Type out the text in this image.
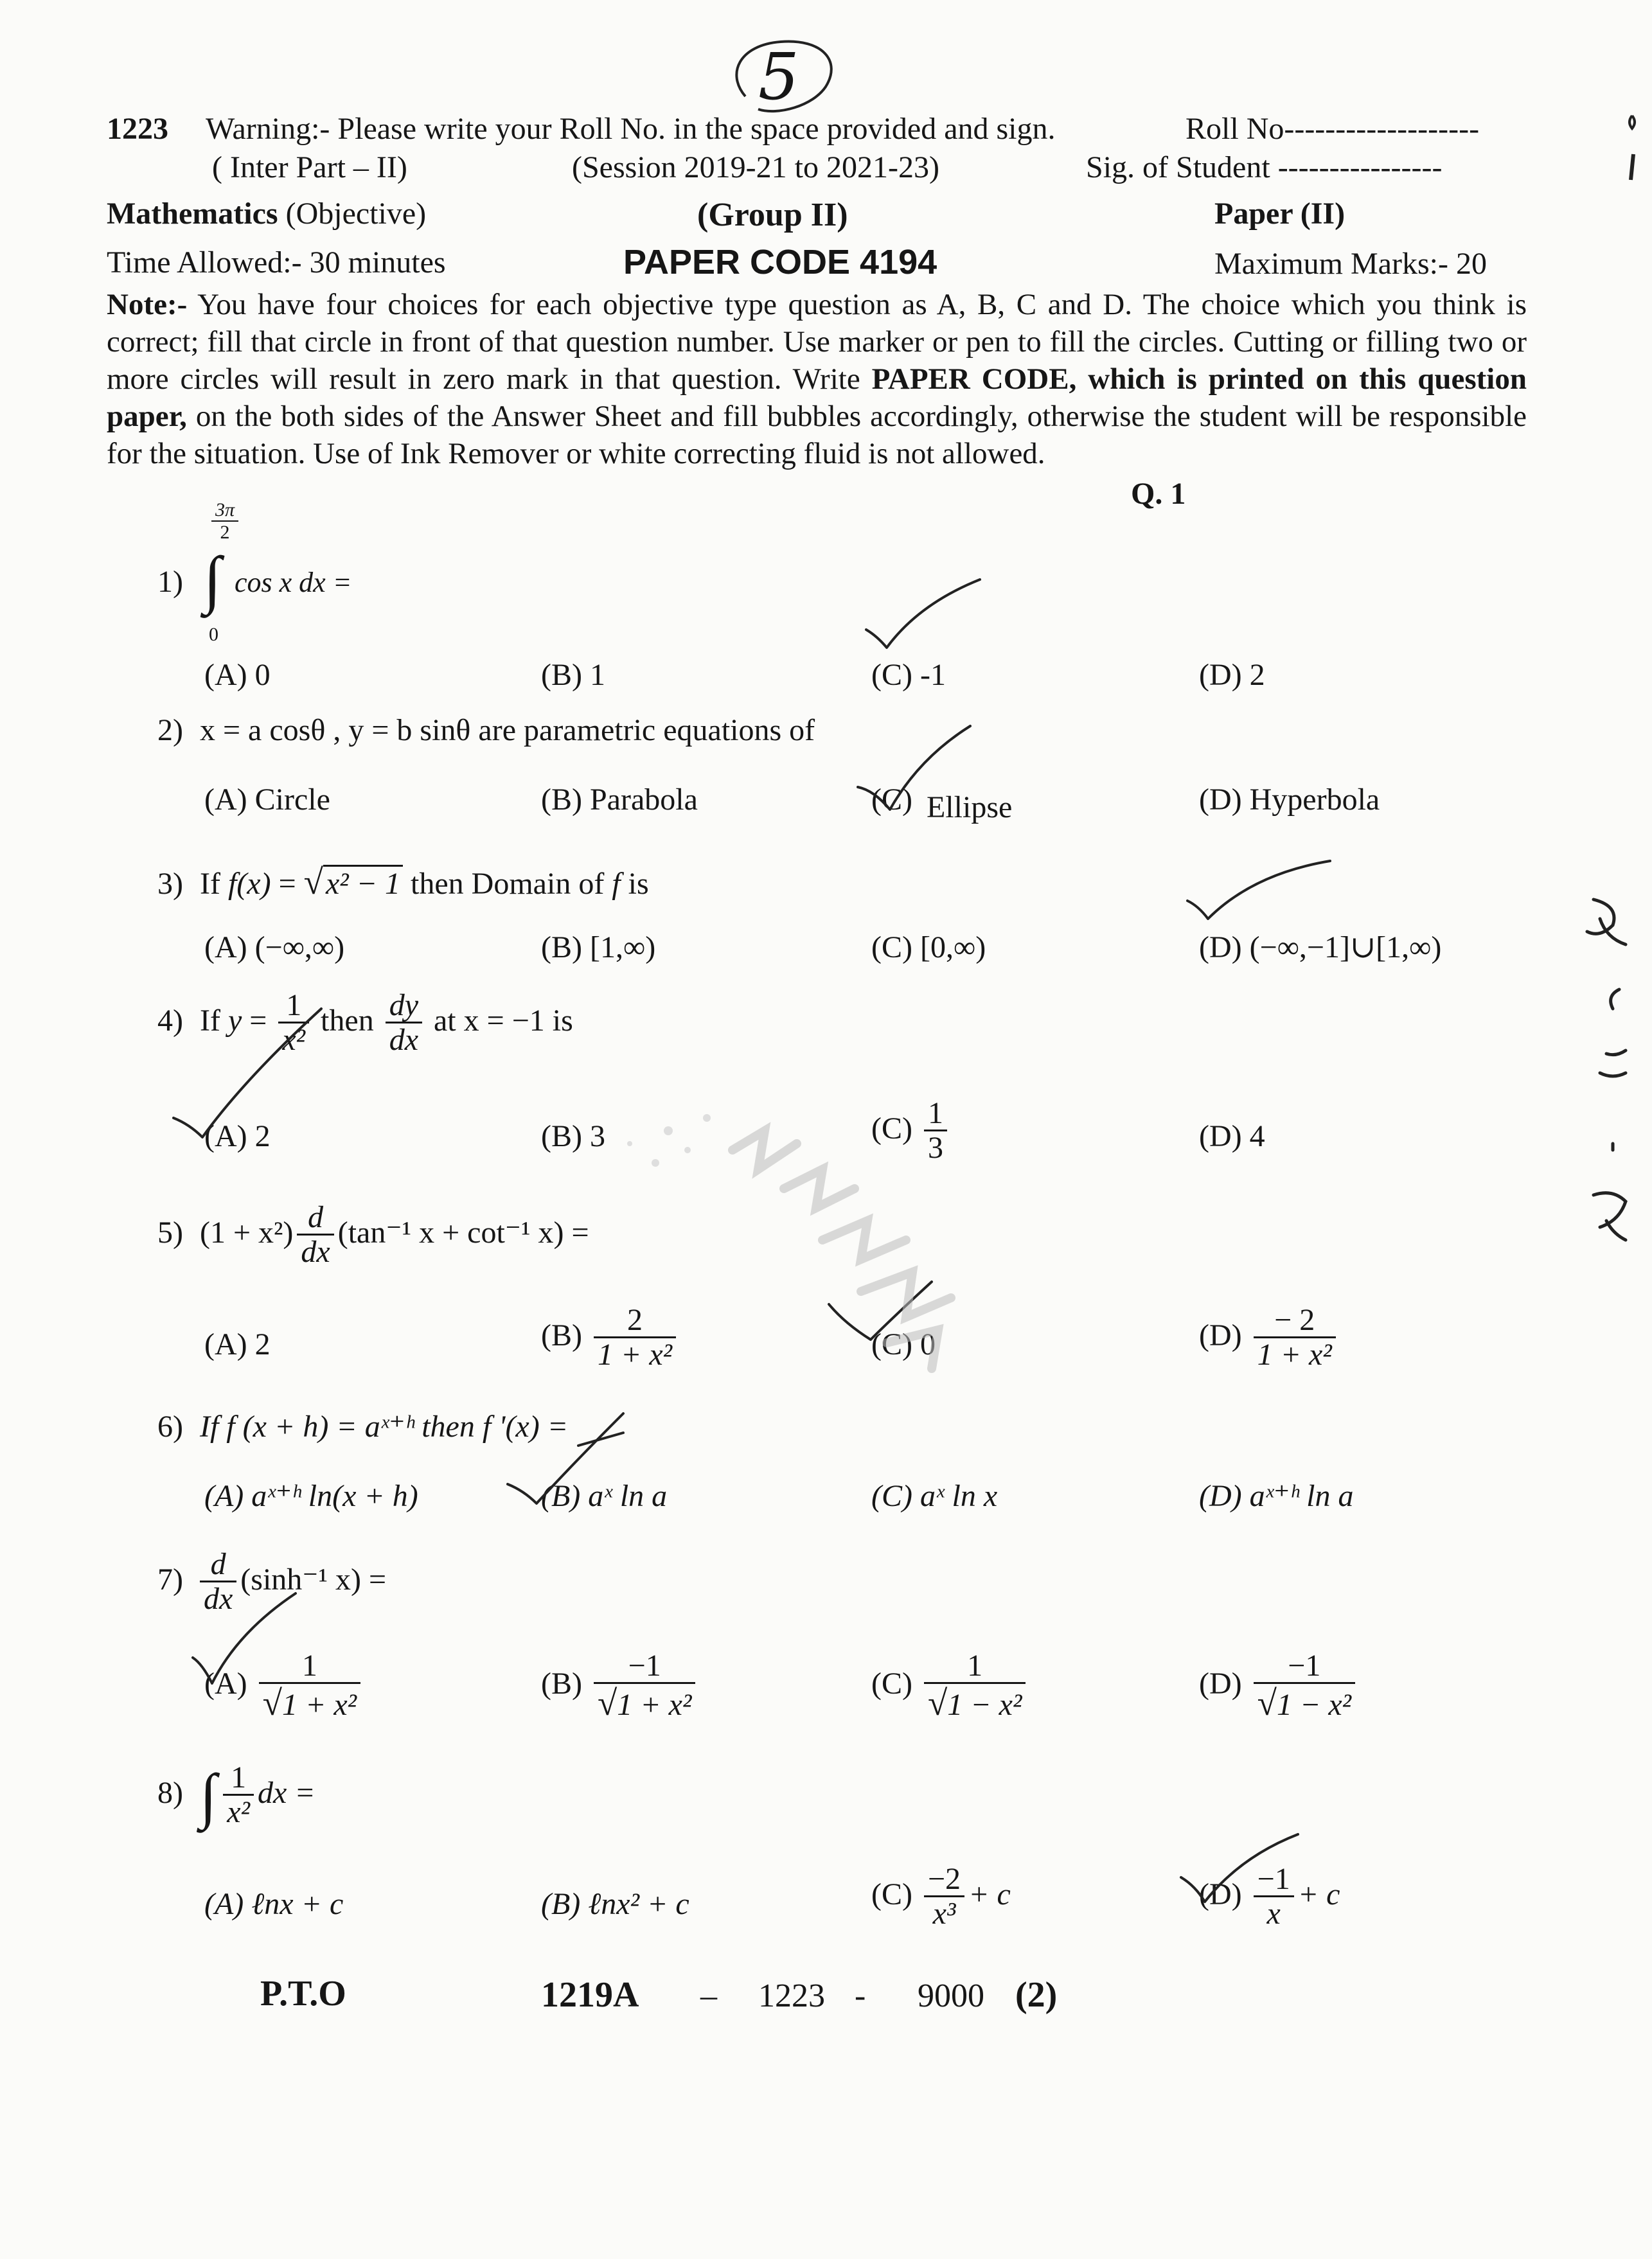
5
1223 Warning:- Please write your Roll No. in the space provided and sign.	Roll No-------------------
( Inter Part – II)	(Session 2019-21 to 2021-23)	Sig. of Student ----------------
Mathematics (Objective)	(Group II)	Paper (II)
Time Allowed:- 30 minutes	PAPER CODE 4194	Maximum Marks:- 20
Note:- You have four choices for each objective type question as A, B, C and D. The choice which you think is correct; fill that circle in front of that question number. Use marker or pen to fill the circles. Cutting or filling two or more circles will result in zero mark in that question. Write PAPER CODE, which is printed on this question paper, on the both sides of the Answer Sheet and fill bubbles accordingly, otherwise the student will be responsible for the situation. Use of Ink Remover or white correcting fluid is not allowed.
Q. 1
1) ∫
$\frac{3\pi}{2}$
0
cos x dx =
(A) 0	(B) 1	(C) -1	(D) 2
2) x = a cosθ , y = b sinθ are parametric equations of
(A) Circle	(B) Parabola	(C) Ellipse	(D) Hyperbola
3) If f(x) = √x² − 1 then Domain of f is
(A) (−∞,∞)	(B) [1,∞)	(C) [0,∞)	(D) (−∞,−1]∪[1,∞)
4) If $y = \frac{1}{\text{x²}}$ then $\frac{dy}{dx}$ at x = −1 is
(A) 2	(B) 3	$(C) \frac{1}{3}$	(D) 4
5) $(1 + x^2) \frac{d}{dx} (\tan^{-1}$ x + cot⁻¹ x) =
(A) 2	$(B) \frac{2}{\text{1 + x²}}$	(C) 0	$(D) \frac{- 2}{\text{1 + x²}}$
6) If f (x + h) = aˣ⁺ʰ then f '(x) =
(A) aˣ⁺ʰ ln(x + h)	(B) aˣ ln a	(C) aˣ ln x	(D) aˣ⁺ʰ ln a
$7) \frac{d}{dx} (\sinh^{-1}$ x) =
$(A) \frac{1}{\text{√1 + x²}}$	$(B) \frac{-1}{\text{√1 + x²}}$	$(C) \frac{1}{\text{√1 − x²}}$	$(D) \frac{-1}{\text{√1 − x²}}$
8) ∫ $\frac{1}{\text{x²}}$ dx =
(A) ℓnx + c	(B) ℓnx² + c	$(C) \frac{-2}{\text{x³}} + c$	$(D) \frac{-1}{x} + c$
P.T.O	1219A – 1223 - 9000 (2)
